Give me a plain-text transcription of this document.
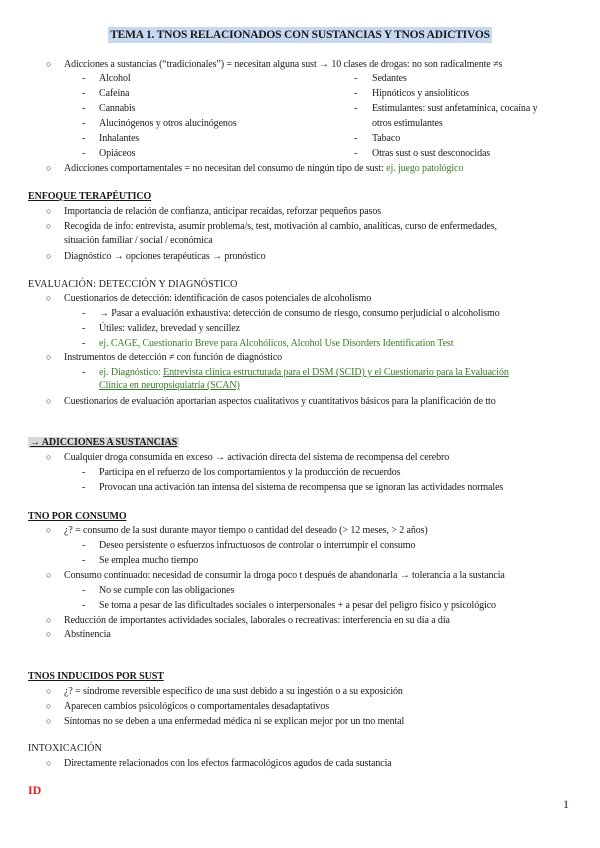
TEMA 1. TNOS RELACIONADOS CON SUSTANCIAS Y TNOS ADICTIVOS
○ Adicciones a sustancias (“tradicionales”) = necesitan alguna sust → 10 clases de drogas: no son radicalmente ≠s
- Alcohol
- Cafeína
- Cannabis
- Alucinógenos y otros alucinógenos
- Inhalantes
- Opiáceos
- Sedantes
- Hipnóticos y ansiolíticos
- Estimulantes: sust anfetamínica, cocaína y
otros estimulantes
- Tabaco
- Otras sust o sust desconocidas
○ Adicciones comportamentales = no necesitan del consumo de ningún tipo de sust: ej. juego patológico
ENFOQUE TERAPÉUTICO
○ Importancia de relación de confianza, anticipar recaídas, reforzar pequeños pasos
○ Recogida de info: entrevista, asumir problema/s, test, motivación al cambio, analíticas, curso de enfermedades,
situación familiar / social / económica
○ Diagnóstico → opciones terapéuticas → pronóstico
EVALUACIÓN: DETECCIÓN Y DIAGNÓSTICO
○ Cuestionarios de detección: identificación de casos potenciales de alcoholismo
- → Pasar a evaluación exhaustiva: detección de consumo de riesgo, consumo perjudicial o alcoholismo
- Útiles: validez, brevedad y sencillez
- ej. CAGE, Cuestionario Breve para Alcohólicos, Alcohol Use Disorders Identification Test
○ Instrumentos de detección ≠ con función de diagnóstico
- ej. Diagnóstico: Entrevista clínica estructurada para el DSM (SCID) y el Cuestionario para la Evaluación
Clínica en neuropsiquiatría (SCAN)
○ Cuestionarios de evaluación aportarían aspectos cualitativos y cuantitativos básicos para la planificación de tto
→ ADICCIONES A SUSTANCIAS
○ Cualquier droga consumida en exceso → activación directa del sistema de recompensa del cerebro
- Participa en el refuerzo de los comportamientos y la producción de recuerdos
- Provocan una activación tan intensa del sistema de recompensa que se ignoran las actividades normales
TNO POR CONSUMO
○ ¿? = consumo de la sust durante mayor tiempo o cantidad del deseado (> 12 meses, > 2 años)
- Deseo persistente o esfuerzos infructuosos de controlar o interrumpir el consumo
- Se emplea mucho tiempo
○ Consumo continuado: necesidad de consumir la droga poco t después de abandonarla → tolerancia a la sustancia
- No se cumple con las obligaciones
- Se toma a pesar de las dificultades sociales o interpersonales + a pesar del peligro físico y psicológico
○ Reducción de importantes actividades sociales, laborales o recreativas: interferencia en su día a día
○ Abstinencia
TNOS INDUCIDOS POR SUST
○ ¿? = síndrome reversible específico de una sust debido a su ingestión o a su exposición
○ Aparecen cambios psicológicos o comportamentales desadaptativos
○ Síntomas no se deben a una enfermedad médica ni se explican mejor por un tno mental
INTOXICACIÓN
○ Directamente relacionados con los efectos farmacológicos agudos de cada sustancia
ID
1
